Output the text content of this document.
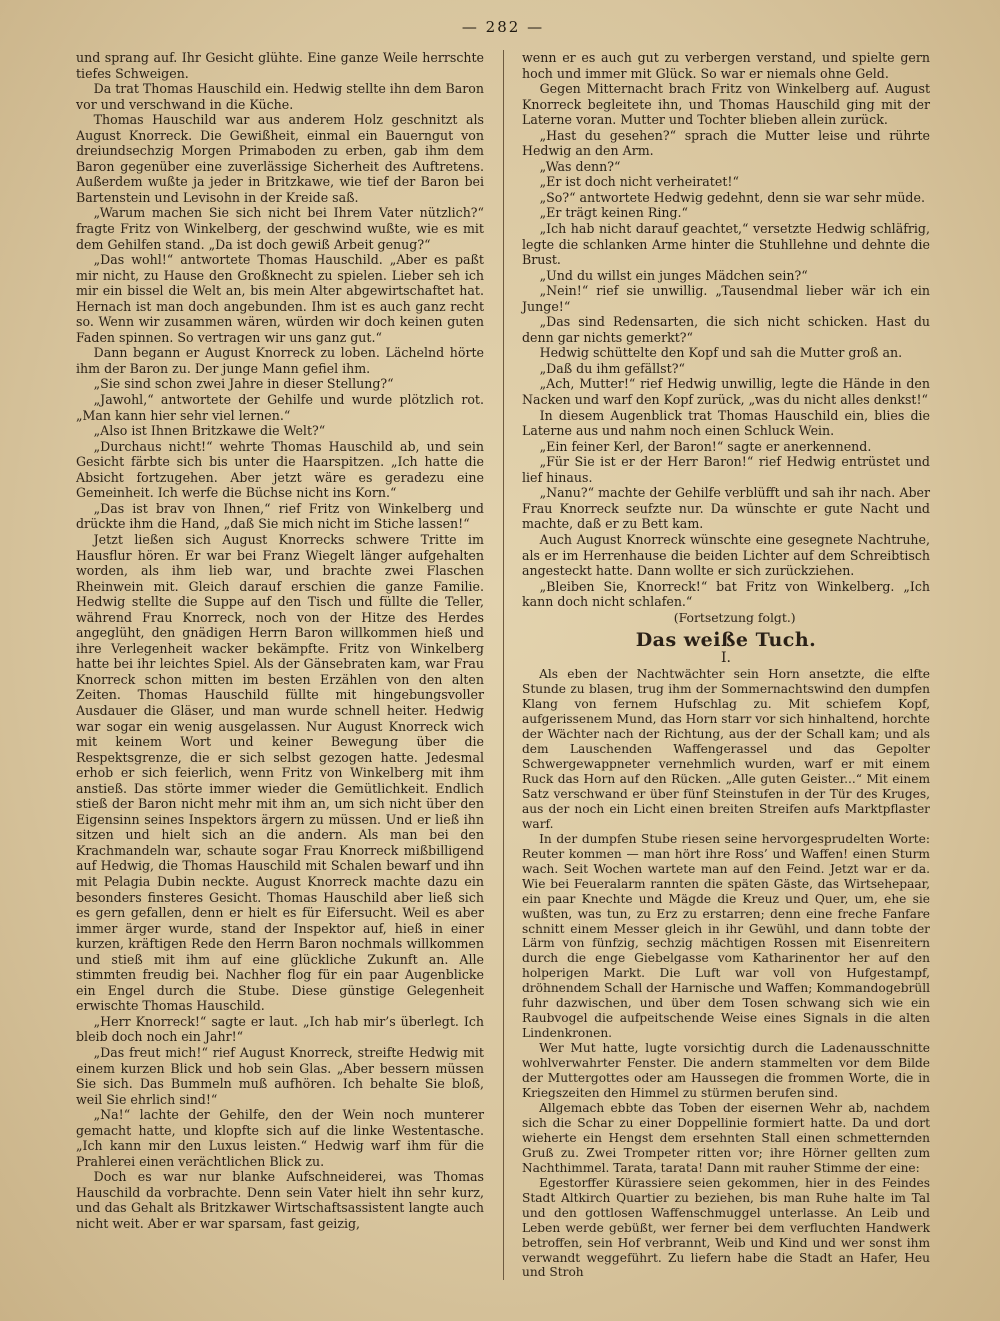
— 282 —

und sprang auf. Ihr Gesicht glühte. Eine ganze Weile herrschte tiefes Schweigen.

Da trat Thomas Hauschild ein. Hedwig stellte ihn dem Baron vor und verschwand in die Küche.

Thomas Hauschild war aus anderem Holz geschnitzt als August Knorreck. Die Gewißheit, einmal ein Bauerngut von dreiundsechzig Morgen Primaboden zu erben, gab ihm dem Baron gegenüber eine zuverlässige Sicherheit des Auftretens. Außerdem wußte ja jeder in Britzkawe, wie tief der Baron bei Bartenstein und Levisohn in der Kreide saß.

„Warum machen Sie sich nicht bei Ihrem Vater nützlich?“ fragte Fritz von Winkelberg, der geschwind wußte, wie es mit dem Gehilfen stand. „Da ist doch gewiß Arbeit genug?“

„Das wohl!“ antwortete Thomas Hauschild. „Aber es paßt mir nicht, zu Hause den Großknecht zu spielen. Lieber seh ich mir ein bissel die Welt an, bis mein Alter abgewirtschaftet hat. Hernach ist man doch angebunden. Ihm ist es auch ganz recht so. Wenn wir zusammen wären, würden wir doch keinen guten Faden spinnen. So vertragen wir uns ganz gut.“

Dann begann er August Knorreck zu loben. Lächelnd hörte ihm der Baron zu. Der junge Mann gefiel ihm.

„Sie sind schon zwei Jahre in dieser Stellung?“

„Jawohl,“ antwortete der Gehilfe und wurde plötzlich rot. „Man kann hier sehr viel lernen.“

„Also ist Ihnen Britzkawe die Welt?“

„Durchaus nicht!“ wehrte Thomas Hauschild ab, und sein Gesicht färbte sich bis unter die Haarspitzen. „Ich hatte die Absicht fortzugehen. Aber jetzt wäre es geradezu eine Gemeinheit. Ich werfe die Büchse nicht ins Korn.“

„Das ist brav von Ihnen,“ rief Fritz von Winkelberg und drückte ihm die Hand, „daß Sie mich nicht im Stiche lassen!“

Jetzt ließen sich August Knorrecks schwere Tritte im Hausflur hören. Er war bei Franz Wiegelt länger aufgehalten worden, als ihm lieb war, und brachte zwei Flaschen Rheinwein mit. Gleich darauf erschien die ganze Familie. Hedwig stellte die Suppe auf den Tisch und füllte die Teller, während Frau Knorreck, noch von der Hitze des Herdes angeglüht, den gnädigen Herrn Baron willkommen hieß und ihre Verlegenheit wacker bekämpfte. Fritz von Winkelberg hatte bei ihr leichtes Spiel. Als der Gänsebraten kam, war Frau Knorreck schon mitten im besten Erzählen von den alten Zeiten. Thomas Hauschild füllte mit hingebungsvoller Ausdauer die Gläser, und man wurde schnell heiter. Hedwig war sogar ein wenig ausgelassen. Nur August Knorreck wich mit keinem Wort und keiner Bewegung über die Respektsgrenze, die er sich selbst gezogen hatte. Jedesmal erhob er sich feierlich, wenn Fritz von Winkelberg mit ihm anstieß. Das störte immer wieder die Gemütlichkeit. Endlich stieß der Baron nicht mehr mit ihm an, um sich nicht über den Eigensinn seines Inspektors ärgern zu müssen. Und er ließ ihn sitzen und hielt sich an die andern. Als man bei den Krachmandeln war, schaute sogar Frau Knorreck mißbilligend auf Hedwig, die Thomas Hauschild mit Schalen bewarf und ihn mit Pelagia Dubin neckte. August Knorreck machte dazu ein besonders finsteres Gesicht. Thomas Hauschild aber ließ sich es gern gefallen, denn er hielt es für Eifersucht. Weil es aber immer ärger wurde, stand der Inspektor auf, hieß in einer kurzen, kräftigen Rede den Herrn Baron nochmals willkommen und stieß mit ihm auf eine glückliche Zukunft an. Alle stimmten freudig bei. Nachher flog für ein paar Augenblicke ein Engel durch die Stube. Diese günstige Gelegenheit erwischte Thomas Hauschild.

„Herr Knorreck!“ sagte er laut. „Ich hab mir’s überlegt. Ich bleib doch noch ein Jahr!“

„Das freut mich!“ rief August Knorreck, streifte Hedwig mit einem kurzen Blick und hob sein Glas. „Aber bessern müssen Sie sich. Das Bummeln muß aufhören. Ich behalte Sie bloß, weil Sie ehrlich sind!“

„Na!“ lachte der Gehilfe, den der Wein noch munterer gemacht hatte, und klopfte sich auf die linke Westentasche. „Ich kann mir den Luxus leisten.“ Hedwig warf ihm für die Prahlerei einen verächtlichen Blick zu.

Doch es war nur blanke Aufschneiderei, was Thomas Hauschild da vorbrachte. Denn sein Vater hielt ihn sehr kurz, und das Gehalt als Britzkawer Wirtschaftsassistent langte auch nicht weit. Aber er war sparsam, fast geizig,

wenn er es auch gut zu verbergen verstand, und spielte gern hoch und immer mit Glück. So war er niemals ohne Geld.

Gegen Mitternacht brach Fritz von Winkelberg auf. August Knorreck begleitete ihn, und Thomas Hauschild ging mit der Laterne voran. Mutter und Tochter blieben allein zurück.

„Hast du gesehen?“ sprach die Mutter leise und rührte Hedwig an den Arm.

„Was denn?“

„Er ist doch nicht verheiratet!“

„So?“ antwortete Hedwig gedehnt, denn sie war sehr müde.

„Er trägt keinen Ring.“

„Ich hab nicht darauf geachtet,“ versetzte Hedwig schläfrig, legte die schlanken Arme hinter die Stuhllehne und dehnte die Brust.

„Und du willst ein junges Mädchen sein?“

„Nein!“ rief sie unwillig. „Tausendmal lieber wär ich ein Junge!“

„Das sind Redensarten, die sich nicht schicken. Hast du denn gar nichts gemerkt?“

Hedwig schüttelte den Kopf und sah die Mutter groß an.

„Daß du ihm gefällst?“

„Ach, Mutter!“ rief Hedwig unwillig, legte die Hände in den Nacken und warf den Kopf zurück, „was du nicht alles denkst!“

In diesem Augenblick trat Thomas Hauschild ein, blies die Laterne aus und nahm noch einen Schluck Wein.

„Ein feiner Kerl, der Baron!“ sagte er anerkennend.

„Für Sie ist er der Herr Baron!“ rief Hedwig entrüstet und lief hinaus.

„Nanu?“ machte der Gehilfe verblüfft und sah ihr nach. Aber Frau Knorreck seufzte nur. Da wünschte er gute Nacht und machte, daß er zu Bett kam.

Auch August Knorreck wünschte eine gesegnete Nachtruhe, als er im Herrenhause die beiden Lichter auf dem Schreibtisch angesteckt hatte. Dann wollte er sich zurückziehen.

„Bleiben Sie, Knorreck!“ bat Fritz von Winkelberg. „Ich kann doch nicht schlafen.“

(Fortsetzung folgt.)

Das weiße Tuch.
I.

Als eben der Nachtwächter sein Horn ansetzte, die elfte Stunde zu blasen, trug ihm der Sommernachtswind den dumpfen Klang von fernem Hufschlag zu. Mit schiefem Kopf, aufgerissenem Mund, das Horn starr vor sich hinhaltend, horchte der Wächter nach der Richtung, aus der der Schall kam; und als dem Lauschenden Waffengerassel und das Gepolter Schwergewappneter vernehmlich wurden, warf er mit einem Ruck das Horn auf den Rücken. „Alle guten Geister...“ Mit einem Satz verschwand er über fünf Steinstufen in der Tür des Kruges, aus der noch ein Licht einen breiten Streifen aufs Marktpflaster warf.

In der dumpfen Stube riesen seine hervorgesprudelten Worte: Reuter kommen — man hört ihre Ross’ und Waffen! einen Sturm wach. Seit Wochen wartete man auf den Feind. Jetzt war er da. Wie bei Feueralarm rannten die späten Gäste, das Wirtsehepaar, ein paar Knechte und Mägde die Kreuz und Quer, um, ehe sie wußten, was tun, zu Erz zu erstarren; denn eine freche Fanfare schnitt einem Messer gleich in ihr Gewühl, und dann tobte der Lärm von fünfzig, sechzig mächtigen Rossen mit Eisenreitern durch die enge Giebelgasse vom Katharinentor her auf den holperigen Markt. Die Luft war voll von Hufgestampf, dröhnendem Schall der Harnische und Waffen; Kommandogebrüll fuhr dazwischen, und über dem Tosen schwang sich wie ein Raubvogel die aufpeitschende Weise eines Signals in die alten Lindenkronen.

Wer Mut hatte, lugte vorsichtig durch die Ladenausschnitte wohlverwahrter Fenster. Die andern stammelten vor dem Bilde der Muttergottes oder am Haussegen die frommen Worte, die in Kriegszeiten den Himmel zu stürmen berufen sind.

Allgemach ebbte das Toben der eisernen Wehr ab, nachdem sich die Schar zu einer Doppellinie formiert hatte. Da und dort wieherte ein Hengst dem ersehnten Stall einen schmetternden Gruß zu. Zwei Trompeter ritten vor; ihre Hörner gellten zum Nachthimmel. Tarata, tarata! Dann mit rauher Stimme der eine:

Egestorffer Kürassiere seien gekommen, hier in des Feindes Stadt Altkirch Quartier zu beziehen, bis man Ruhe halte im Tal und den gottlosen Waffenschmuggel unterlasse. An Leib und Leben werde gebüßt, wer ferner bei dem verfluchten Handwerk betroffen, sein Hof verbrannt, Weib und Kind und wer sonst ihm verwandt weggeführt. Zu liefern habe die Stadt an Hafer, Heu und Stroh
